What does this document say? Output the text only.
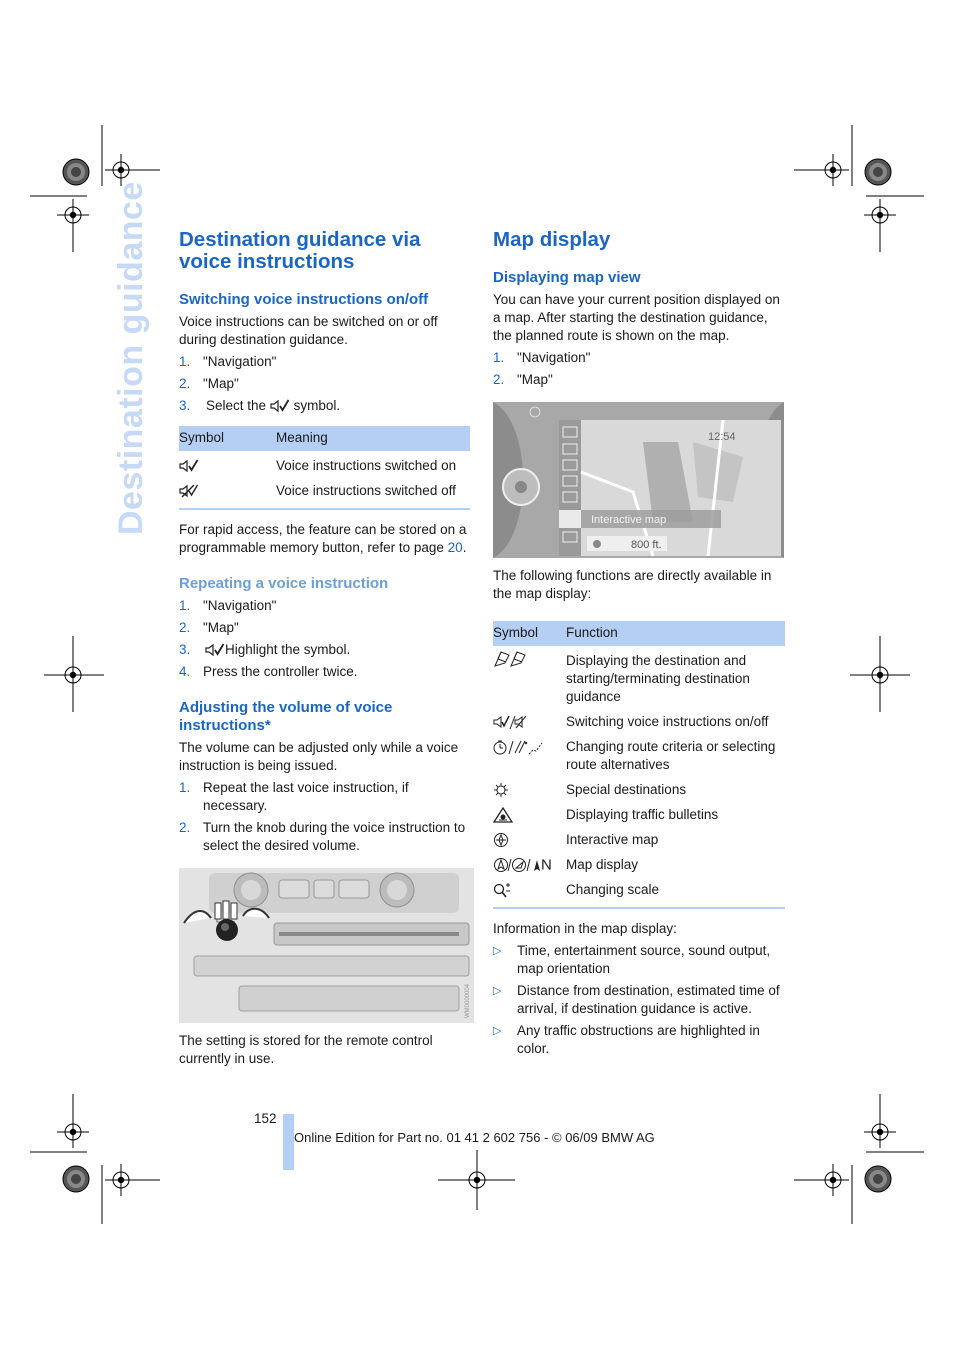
Destination guidance Destination guidance via voice instructions
Switching voice instructions on/off

Voice instructions can be switched on or off during destination guidance.

1. "Navigation"
2. "Map"
3. Select the symbol.
Symbol	Meaning
	Voice instructions switched on
	Voice instructions switched off

For rapid access, the feature can be stored on a programmable memory button, refer to page 20.

Repeating a voice instruction
1. "Navigation"
2. "Map"
3.	Highlight the symbol.
4. Press the controller twice.
Adjusting the volume of voice instructions*

The volume can be adjusted only while a voice instruction is being issued.

1. Repeat the last voice instruction, if necessary.
2. Turn the knob during the voice instruction to select the desired volume.
WM0000004

The setting is stored for the remote control currently in use.

Map display
Displaying map view

You can have your current position displayed on a map. After starting the destination guidance, the planned route is shown on the map.

1. "Navigation"
2. "Map"
Interactive map
12:54
800 ft.

The following functions are directly available in the map display:

Symbol	Function
	Displaying the destination and starting/terminating destination guidance
	Switching voice instructions on/off
	Changing route criteria or selecting route alternatives
	Special destinations
	Displaying traffic bulletins
	Interactive map
N	Map display
	Changing scale

Information in the map display:

▷ Time, entertainment source, sound output, map orientation
▷ Distance from destination, estimated time of arrival, if destination guidance is active.
▷ Any traffic obstructions are highlighted in color.
152
Online Edition for Part no. 01 41 2 602 756 - © 06/09 BMW AG
